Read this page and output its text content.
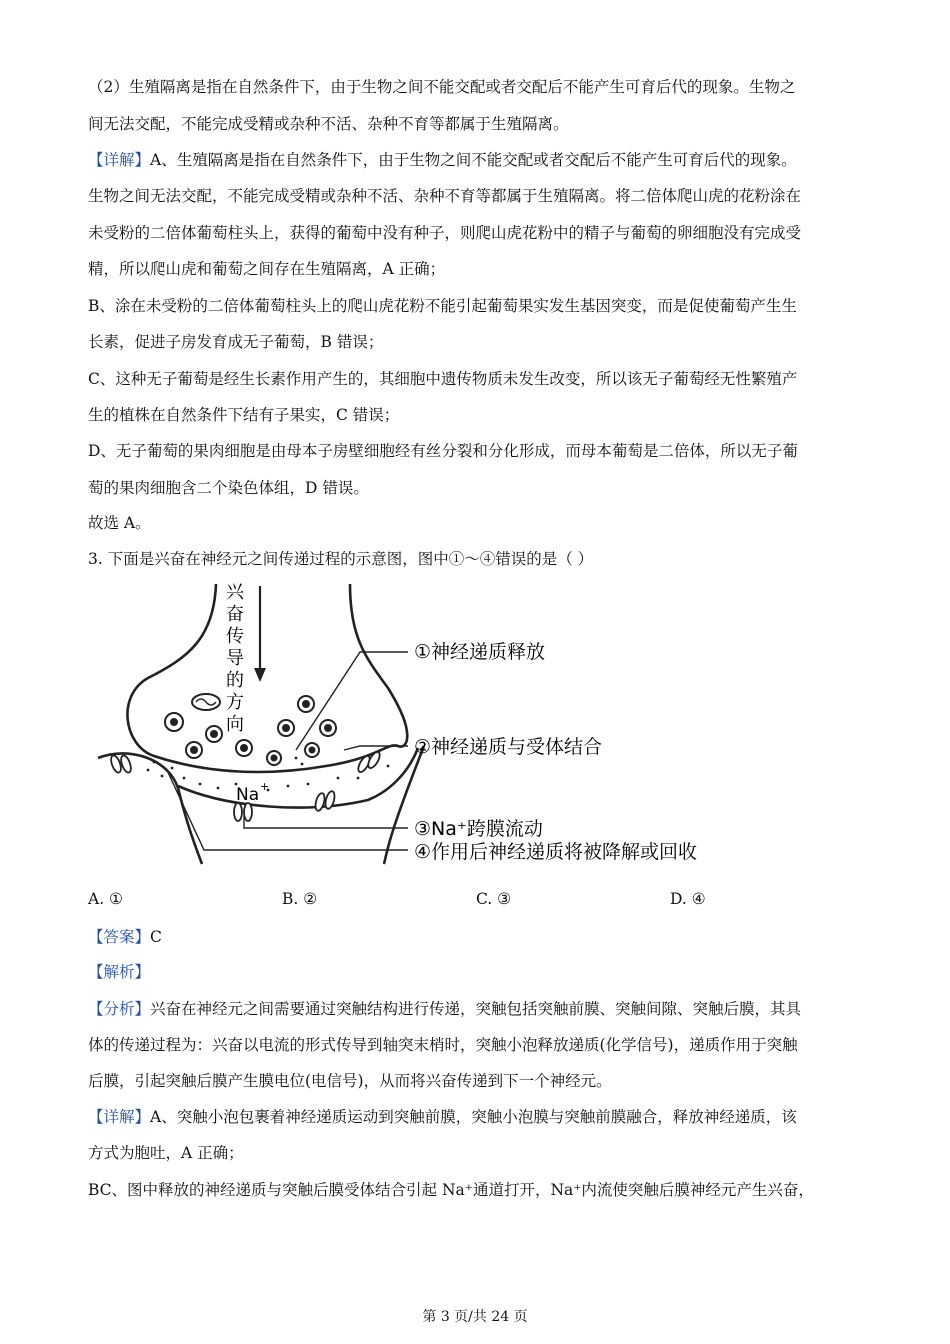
（2）生殖隔离是指在自然条件下，由于生物之间不能交配或者交配后不能产生可育后代的现象。生物之
间无法交配，不能完成受精或杂种不活、杂种不育等都属于生殖隔离。
【详解】A、生殖隔离是指在自然条件下，由于生物之间不能交配或者交配后不能产生可育后代的现象。
生物之间无法交配，不能完成受精或杂种不活、杂种不育等都属于生殖隔离。将二倍体爬山虎的花粉涂在
未受粉的二倍体葡萄柱头上，获得的葡萄中没有种子，则爬山虎花粉中的精子与葡萄的卵细胞没有完成受
精，所以爬山虎和葡萄之间存在生殖隔离，A 正确；
B、涂在未受粉的二倍体葡萄柱头上的爬山虎花粉不能引起葡萄果实发生基因突变，而是促使葡萄产生生
长素，促进子房发育成无子葡萄，B 错误；
C、这种无子葡萄是经生长素作用产生的，其细胞中遗传物质未发生改变，所以该无子葡萄经无性繁殖产
生的植株在自然条件下结有子果实，C 错误；
D、无子葡萄的果肉细胞是由母本子房壁细胞经有丝分裂和分化形成，而母本葡萄是二倍体，所以无子葡
萄的果肉细胞含二个染色体组，D 错误。
故选 A。
3. 下面是兴奋在神经元之间传递过程的示意图，图中①～④错误的是（ ）
兴
奋
传
导
的
方
向
Na +
①神经递质释放
②神经递质与受体结合
③Na⁺跨膜流动
④作用后神经递质将被降解或回收
A. ①	B. ②	C. ③	D. ④
【答案】C
【解析】
【分析】兴奋在神经元之间需要通过突触结构进行传递，突触包括突触前膜、突触间隙、突触后膜，其具
体的传递过程为：兴奋以电流的形式传导到轴突末梢时，突触小泡释放递质(化学信号)，递质作用于突触
后膜，引起突触后膜产生膜电位(电信号)，从而将兴奋传递到下一个神经元。
【详解】A、突触小泡包裹着神经递质运动到突触前膜，突触小泡膜与突触前膜融合，释放神经递质，该
方式为胞吐，A 正确；
BC、图中释放的神经递质与突触后膜受体结合引起 Na⁺通道打开，Na⁺内流使突触后膜神经元产生兴奋，
第 3 页/共 24 页
